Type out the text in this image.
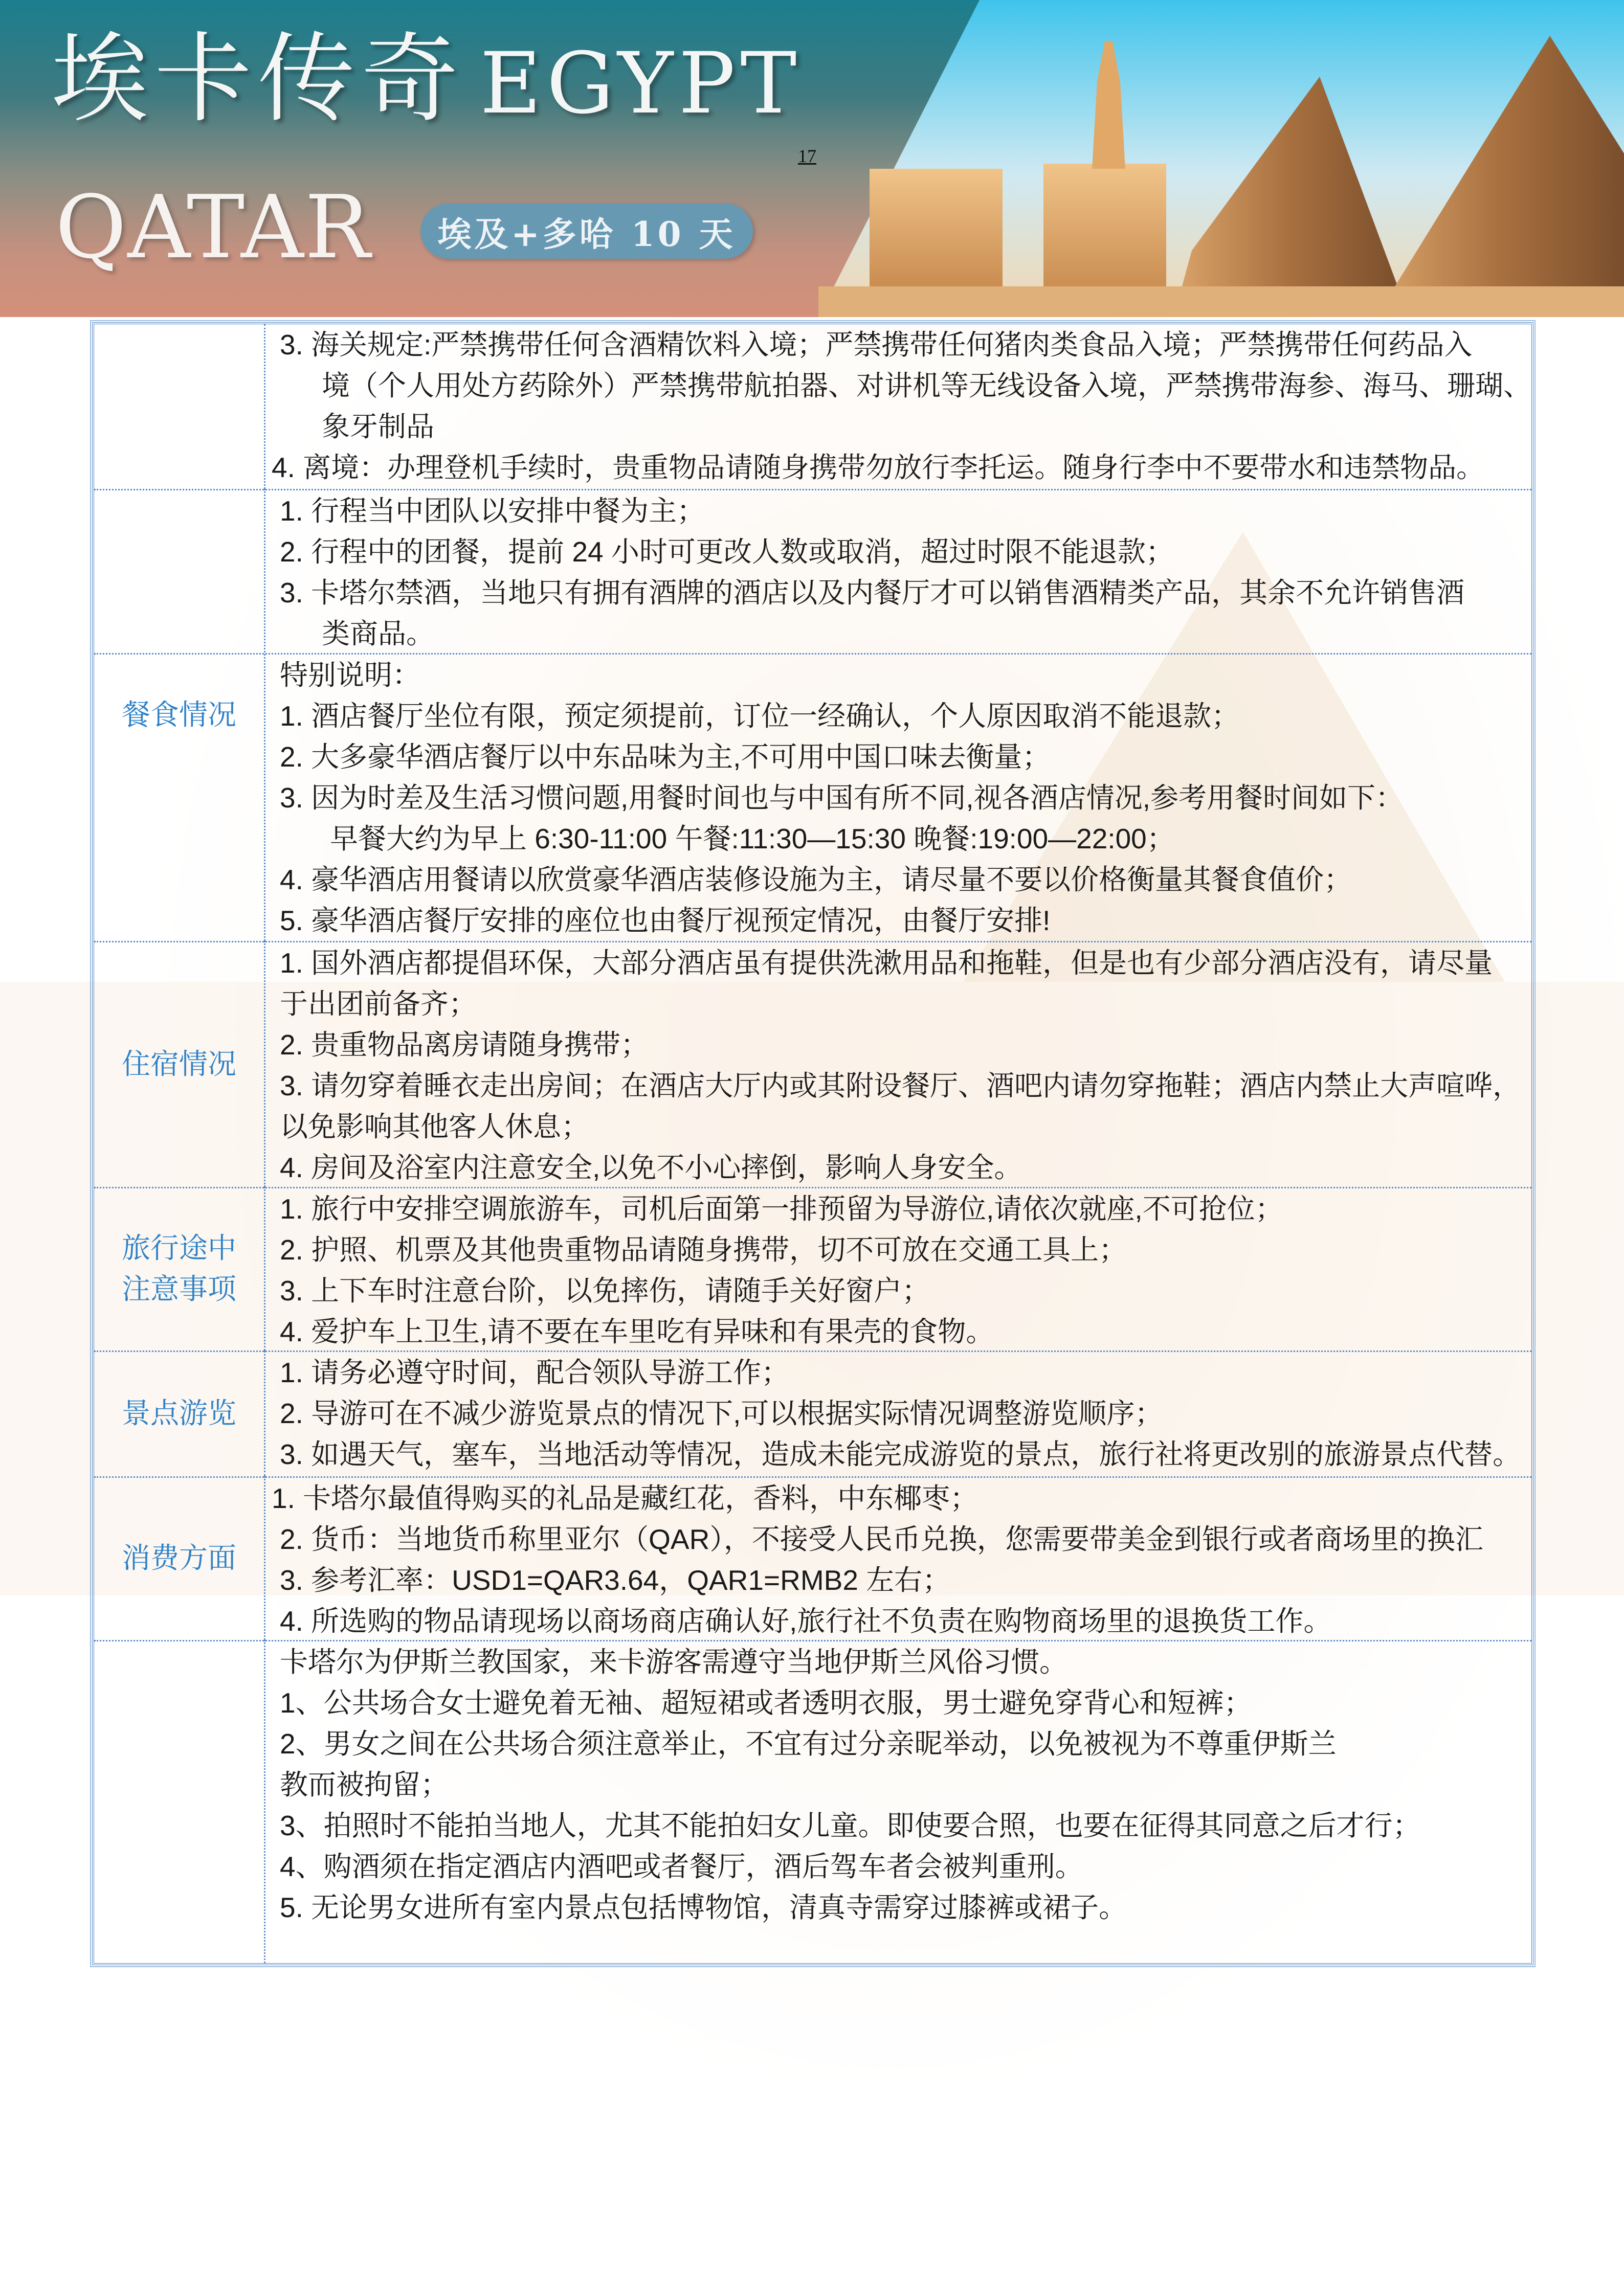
埃卡传奇 EGYPT
17
QATAR	埃及+多哈 10 天
3. 海关规定:严禁携带任何含酒精饮料入境；严禁携带任何猪肉类食品入境；严禁携带任何药品入
境（个人用处方药除外）严禁携带航拍器、对讲机等无线设备入境，严禁携带海参、海马、珊瑚、
象牙制品
4. 离境：办理登机手续时，贵重物品请随身携带勿放行李托运。随身行李中不要带水和违禁物品。
1. 行程当中团队以安排中餐为主；
2. 行程中的团餐，提前 24 小时可更改人数或取消，超过时限不能退款；
3. 卡塔尔禁酒，当地只有拥有酒牌的酒店以及内餐厅才可以销售酒精类产品，其余不允许销售酒
类商品。
特别说明：
1. 酒店餐厅坐位有限，预定须提前，订位一经确认，个人原因取消不能退款；
2. 大多豪华酒店餐厅以中东品味为主,不可用中国口味去衡量；
3. 因为时差及生活习惯问题,用餐时间也与中国有所不同,视各酒店情况,参考用餐时间如下：
早餐大约为早上 6:30-11:00 午餐:11:30—15:30 晚餐:19:00—22:00；
4. 豪华酒店用餐请以欣赏豪华酒店装修设施为主，请尽量不要以价格衡量其餐食值价；
5. 豪华酒店餐厅安排的座位也由餐厅视预定情况，由餐厅安排!
1. 国外酒店都提倡环保，大部分酒店虽有提供洗漱用品和拖鞋，但是也有少部分酒店没有，请尽量
于出团前备齐；
2. 贵重物品离房请随身携带；
3. 请勿穿着睡衣走出房间；在酒店大厅内或其附设餐厅、酒吧内请勿穿拖鞋；酒店内禁止大声喧哗，
以免影响其他客人休息；
4. 房间及浴室内注意安全,以免不小心摔倒，影响人身安全。
1. 旅行中安排空调旅游车，司机后面第一排预留为导游位,请依次就座,不可抢位；
2. 护照、机票及其他贵重物品请随身携带，切不可放在交通工具上；
3. 上下车时注意台阶，以免摔伤，请随手关好窗户；
4. 爱护车上卫生,请不要在车里吃有异味和有果壳的食物。
1. 请务必遵守时间，配合领队导游工作；
2. 导游可在不减少游览景点的情况下,可以根据实际情况调整游览顺序；
3. 如遇天气，塞车，当地活动等情况，造成未能完成游览的景点，旅行社将更改别的旅游景点代替。
1. 卡塔尔最值得购买的礼品是藏红花，香料，中东椰枣；
2. 货币：当地货币称里亚尔（QAR），不接受人民币兑换，您需要带美金到银行或者商场里的换汇
3. 参考汇率：USD1=QAR3.64，QAR1=RMB2 左右；
4. 所选购的物品请现场以商场商店确认好,旅行社不负责在购物商场里的退换货工作。
卡塔尔为伊斯兰教国家，来卡游客需遵守当地伊斯兰风俗习惯。
1、公共场合女士避免着无袖、超短裙或者透明衣服，男士避免穿背心和短裤；
2、男女之间在公共场合须注意举止，不宜有过分亲昵举动，以免被视为不尊重伊斯兰
教而被拘留；
3、拍照时不能拍当地人，尤其不能拍妇女儿童。即使要合照，也要在征得其同意之后才行；
4、购酒须在指定酒店内酒吧或者餐厅，酒后驾车者会被判重刑。
5. 无论男女进所有室内景点包括博物馆，清真寺需穿过膝裤或裙子。
餐食情况
住宿情况
旅行途中
注意事项
景点游览
消费方面
